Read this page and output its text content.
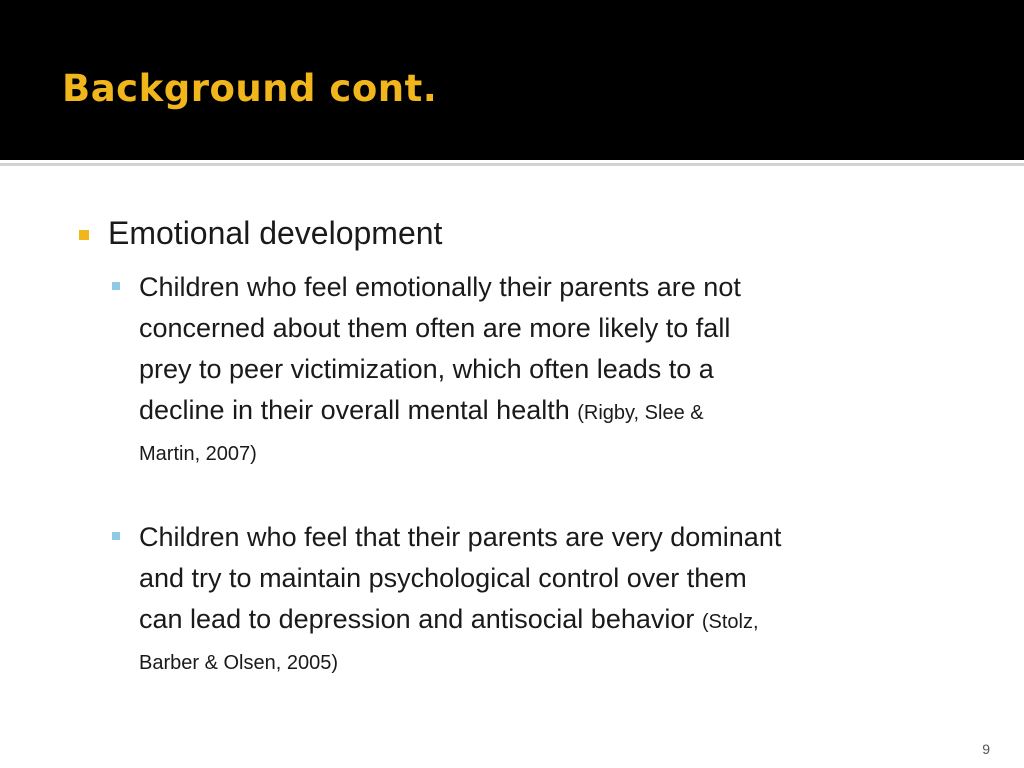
Background cont.
Emotional development
Children who feel emotionally their parents are not
concerned about them often are more likely to fall
prey to peer victimization, which often leads to a
decline in their overall mental health (Rigby, Slee &
Martin, 2007)
Children who feel that their parents are very dominant
and try to maintain psychological control over them
can lead to depression and antisocial behavior (Stolz,
Barber & Olsen, 2005)
9
